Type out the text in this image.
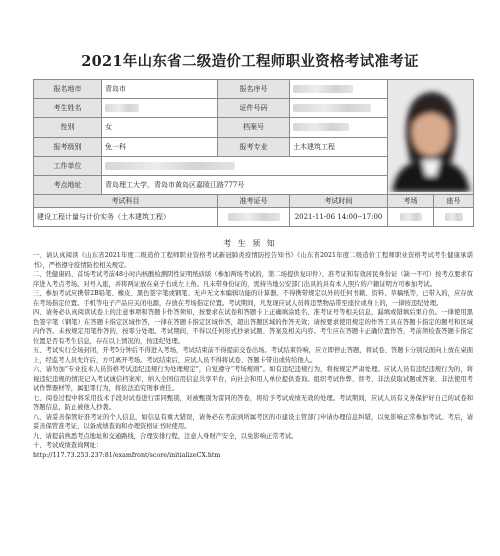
2021年山东省二级造价工程师职业资格考试准考证
报名地市	青岛市	报名序号		
考生姓名		证件号码			
性别	女	档案号			
报考级别	免一科	报考专业	土木建筑工程		
工作单位					
考点地址	青岛理工大学，青岛市黄岛区嘉陵江路777号				
考试科目		准考证号	考试时间	考场	座号
建设工程计量与计价实务（土木建筑工程）			2021-11-06 14:00--17:00		
考 生 须 知

一、请认真阅读《山东省2021年度二级造价工程师职业资格考试新冠肺炎疫情防控告知书》《山东省2021年度二级造价工程师职业资格考试考生健康承诺书》，严格遵守疫情防控相关规定。

二、凭健康码、首场考试考前48小时内核酸检测阴性证明纸质版（参加两场考试的，第二场提供复印件）、准考证和有效居民身份证（缺一不可）按考点要求有序进入考点考场。对号入座，并将两证放在桌子右成左上角。凡未带身份证的，需持当地公安部门出具的具有本人照片的户籍证明方可参加考试。

三、参加考试应携带2B铅笔、橡皮、黑色签字笔或钢笔、无声无文本编辑功能的计算器。不得携带规定以外的任何书籍、资料、草稿纸等，已带入的，应存放在考场指定位置。手机等电子产品应关闭电源，存放在考场指定位置。考试期间，凡发现应试人员将违禁物品带至座位或身上的，一律按违纪处理。

四、请务必认真阅读试卷上的注意事项和答题卡作答须知，按要求在试卷和答题卡上正确填涂姓名、准考证号等相关信息，漏填或错填后果自负。一律使用黑色签字笔（钢笔）在答题卡指定区域作答，一律在答题卡指定区域作答，超出答题区域的作答无效；请按要求使用规定的作答工具在答题卡指定的题号和区域内作答。未按规定用笔作答的，按零分处理。考试期间，不得以任何形式抄录试题、答案及相关内容。考生应在答题卡正确位置作答，考前须检查答题卡指定位置是否有考生信息，存在以上情况的，按违纪处理。

五、考试实行全场封闭，开考5分钟后不得进入考场，考试结束前不得提前交卷出场。考试结束铃响，应立即停止答题，将试卷、答题卡分别反面向上放在桌面上，经监考人员允许后，方可离开考场。考试结束后，应试人员不得将试卷、答题卡带出或传给他人。

六、请勿加“专业技术人员资格考试违纪违规行为处理规定”，自觉遵守“考场规则”。如有违纪违规行为，将按规定严肃处理。应试人员有违纪违规行为的，将视违纪违规的情况记入考试诚信档案库，纳入全国信用信息共享平台，向社会和用人单位提供查询。组织考试作弊、替考、非法获取试题或答案、非法使用考试作弊器材等，属犯罪行为，将依法追究刑事责任。

七、阅卷过程中将采用技术手段对试卷进行雷同甄别，对被甄别为雷同的答卷，将给予考试成绩无效的处理。考试期间，应试人员有义务保护好自己的试卷和答题信息，防止被他人抄袭。

八、请妥善保管好准考证的个人信息，如信息有重大错误，请务必在考前到所属考区的市建设主管部门申请办理信息纠错，以免影响正常参加考试。考后，请妥善保管准考证，以备成绩查询和办理资格证书时使用。

九、请提前熟悉考点地址和交通路线，合理安排行程，注意人身财产安全，以免影响正常考试。

十、考试成绩查询网址：

http://117.73.253.237:81/examfront/score/initializeCX.htm
